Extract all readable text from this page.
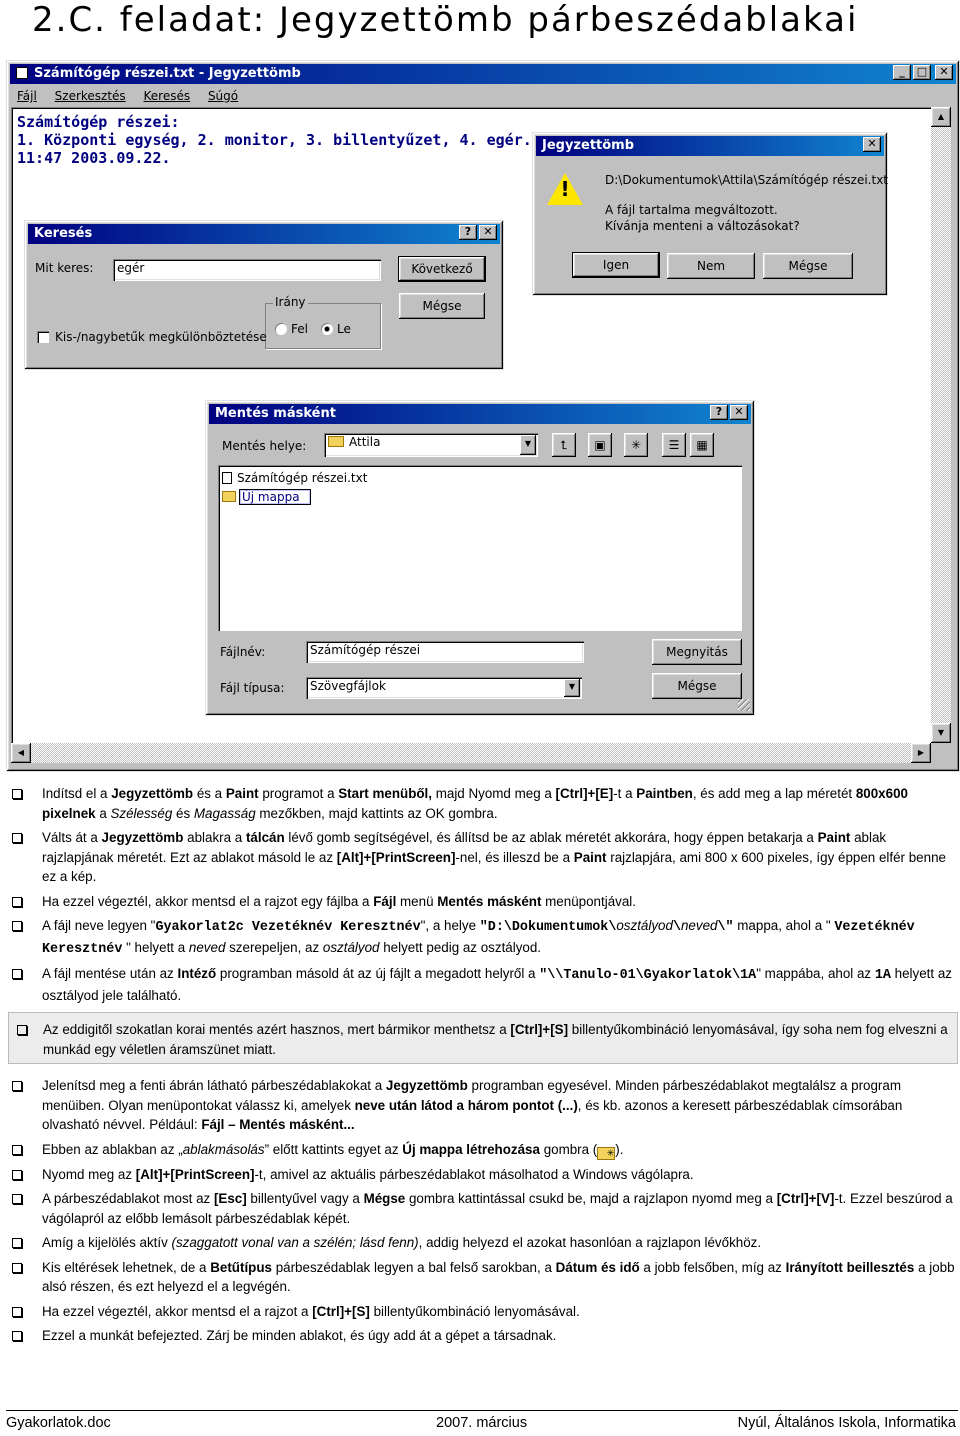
2.C. feladat: Jegyzettömb párbeszédablakai
Számítógép részei.txt - Jegyzettömb	_	□	✕
Fájl Szerkesztés Keresés Súgó
Számítógép részei:
1. Központi egység, 2. monitor, 3. billentyűzet, 4. egér.
11:47 2003.09.22.
▲
▼
◀	▶
Keresés	?	✕
Mit keres:	egér	Következő
Mégse
Irány
Fel Le
Kis-/nagybetűk megkülönböztetése
Jegyzettömb	✕
!	D:\Dokumentumok\Attila\Számítógép részei.txt
A fájl tartalma megváltozott.
Kívánja menteni a változásokat?
Igen	Nem	Mégse
Mentés másként	?	✕
Mentés helye:	Attila	▼	⮤	▣	✳	☰	▦
Számítógép részei.txt
Új mappa
Fájlnév:	Számítógép részei
Fájl típusa:	Szövegfájlok	▼
Megnyitás
Mégse
Indítsd el a Jegyzettömb és a Paint programot a Start menüből, majd Nyomd meg a [Ctrl]+[E]-t a Paintben, és add meg a lap méretét 800x600 pixelnek a Szélesség és Magasság mezőkben, majd kattints az OK gombra.
Válts át a Jegyzettömb ablakra a tálcán lévő gomb segítségével, és állítsd be az ablak méretét akkorára, hogy éppen betakarja a Paint ablak rajzlapjának méretét. Ezt az ablakot másold le az [Alt]+[PrintScreen]-nel, és illeszd be a Paint rajzlapjára, ami 800 x 600 pixeles, így éppen elfér benne ez a kép.
Ha ezzel végeztél, akkor mentsd el a rajzot egy fájlba a Fájl menü Mentés másként menüpontjával.
A fájl neve legyen "Gyakorlat2c Vezetéknév Keresztnév", a helye "D:\Dokumentumok\osztályod\neved\" mappa, ahol a " Vezetéknév Keresztnév " helyett a neved szerepeljen, az osztályod helyett pedig az osztályod.
A fájl mentése után az Intéző programban másold át az új fájlt a megadott helyről a "\\Tanulo-01\Gyakorlatok\1A" mappába, ahol az 1A helyett az osztályod jele található.
Az eddigitől szokatlan korai mentés azért hasznos, mert bármikor menthetsz a [Ctrl]+[S] billentyűkombináció lenyomásával, így soha nem fog elveszni a munkád egy véletlen áramszünet miatt.
Jelenítsd meg a fenti ábrán látható párbeszédablakokat a Jegyzettömb programban egyesével. Minden párbeszédablakot megtalálsz a program menüiben. Olyan menüpontokat válassz ki, amelyek neve után látod a három pontot (...), és kb. azonos a keresett párbeszédablak címsorában olvasható névvel. Például: Fájl – Mentés másként...
Ebben az ablakban az „ablakmásolás” előtt kattints egyet az Új mappa létrehozása gombra ( ✳).
Nyomd meg az [Alt]+[PrintScreen]-t, amivel az aktuális párbeszédablakot másolhatod a Windows vágólapra.
A párbeszédablakot most az [Esc] billentyűvel vagy a Mégse gombra kattintással csukd be, majd a rajzlapon nyomd meg a [Ctrl]+[V]-t. Ezzel beszúrod a vágólapról az előbb lemásolt párbeszédablak képét.
Amíg a kijelölés aktív (szaggatott vonal van a szélén; lásd fenn), addig helyezd el azokat hasonlóan a rajzlapon lévőkhöz.
Kis eltérések lehetnek, de a Betűtípus párbeszédablak legyen a bal felső sarokban, a Dátum és idő a jobb felsőben, míg az Irányított beillesztés a jobb alsó részen, és ezt helyezd el a legvégén.
Ha ezzel végeztél, akkor mentsd el a rajzot a [Ctrl]+[S] billentyűkombináció lenyomásával.
Ezzel a munkát befejezted. Zárj be minden ablakot, és úgy add át a gépet a társadnak.
Gyakorlatok.doc	2007. március	Nyúl, Általános Iskola, Informatika
